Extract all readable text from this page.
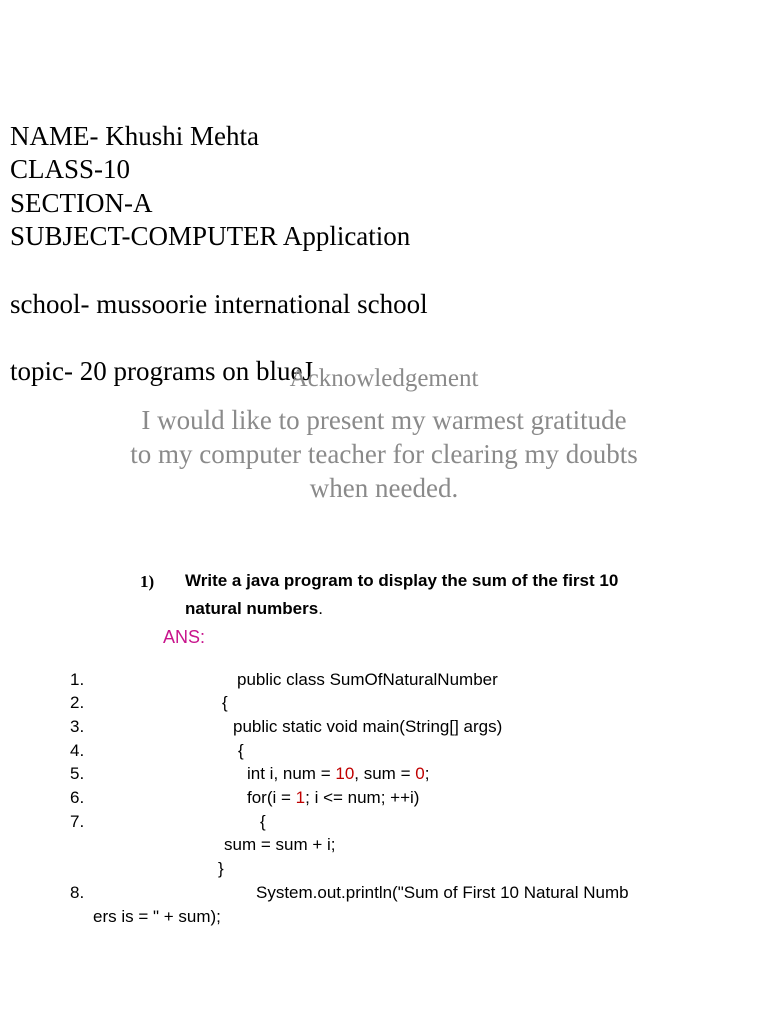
NAME- Khushi Mehta
CLASS-10
SECTION-A
SUBJECT-COMPUTER Application
school- mussoorie international school
topic- 20 programs on blueJ
Acknowledgement
I would like to present my warmest gratitude
to my computer teacher for clearing my doubts
when needed.
1) Write a java program to display the sum of the first 10
natural numbers.
ANS:
1.
2.
3.
4.
5.
6.
7.
8.
public class SumOfNaturalNumber
{
public static void main(String[] args)
{
int i, num = 10, sum = 0;
for(i = 1; i <= num; ++i)
{
sum = sum + i;
}
System.out.println("Sum of First 10 Natural Numb
ers is = " + sum);
